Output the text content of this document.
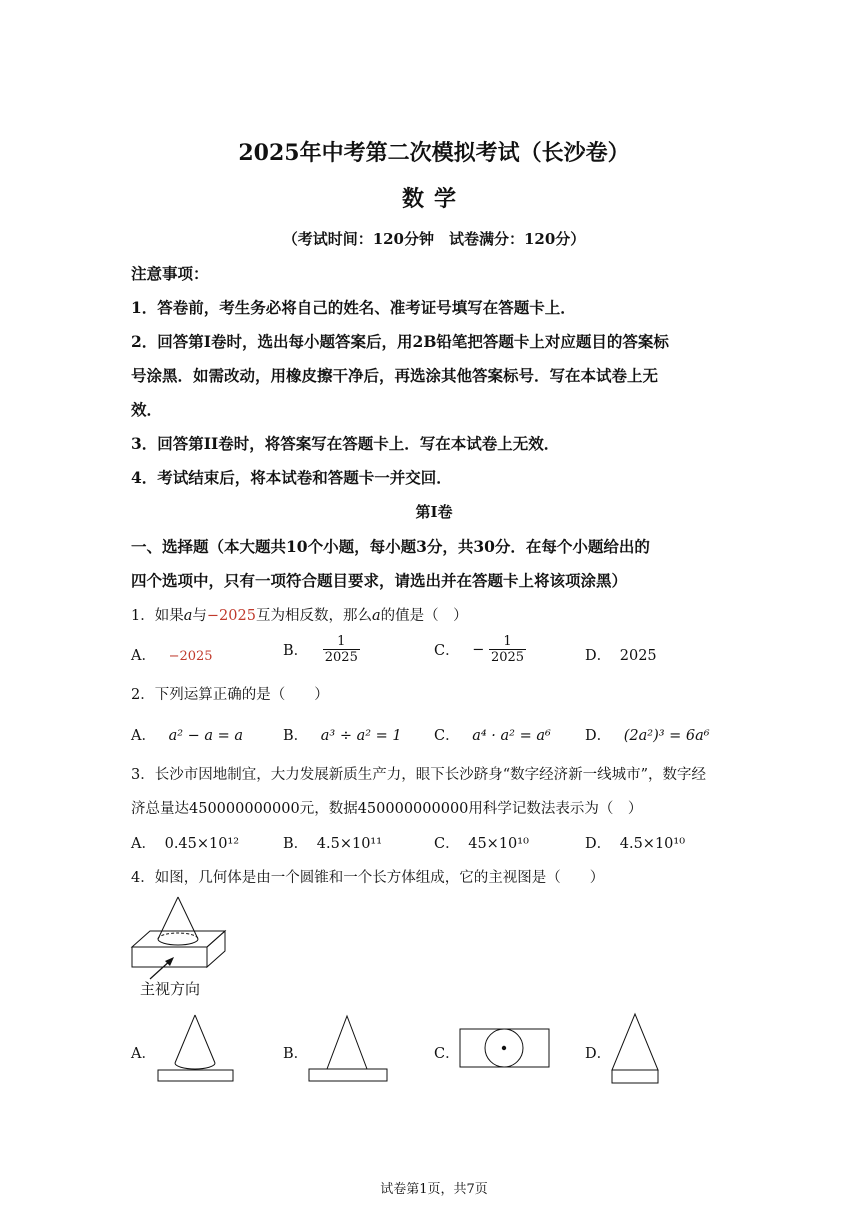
2025年中考第二次模拟考试（长沙卷）
数学
（考试时间：120分钟　试卷满分：120分）
注意事项：
1．答卷前，考生务必将自己的姓名、准考证号填写在答题卡上．
2．回答第I卷时，选出每小题答案后，用2B铅笔把答题卡上对应题目的答案标
号涂黑．如需改动，用橡皮擦干净后，再选涂其他答案标号．写在本试卷上无
效．
3．回答第II卷时，将答案写在答题卡上．写在本试卷上无效．
4．考试结束后，将本试卷和答题卡一并交回．
第I卷
一、选择题（本大题共10个小题，每小题3分，共30分．在每个小题给出的
四个选项中，只有一项符合题目要求，请选出并在答题卡上将该项涂黑）
1．如果a与−2025互为相反数，那么a的值是（　）
A． −2025	B． $\frac{1}{2025}$	C． − $\frac{1}{2025}$	D． 2025
2．下列运算正确的是（　　）
A． a² − a = a	B． a³ ÷ a² = 1 C． a⁴ · a² = a⁶ D． (2a²)³ = 6a⁶
3．长沙市因地制宜，大力发展新质生产力，眼下长沙跻身“数字经济新一线城市”，数字经
济总量达450000000000元，数据450000000000用科学记数法表示为（　）
A． 0.45×10¹²	B． 4.5×10¹¹	C． 45×10¹⁰	D． 4.5×10¹⁰
4．如图，几何体是由一个圆锥和一个长方体组成，它的主视图是（　　）
主视方向
A．	B．	C．	D．
试卷第1页，共7页
